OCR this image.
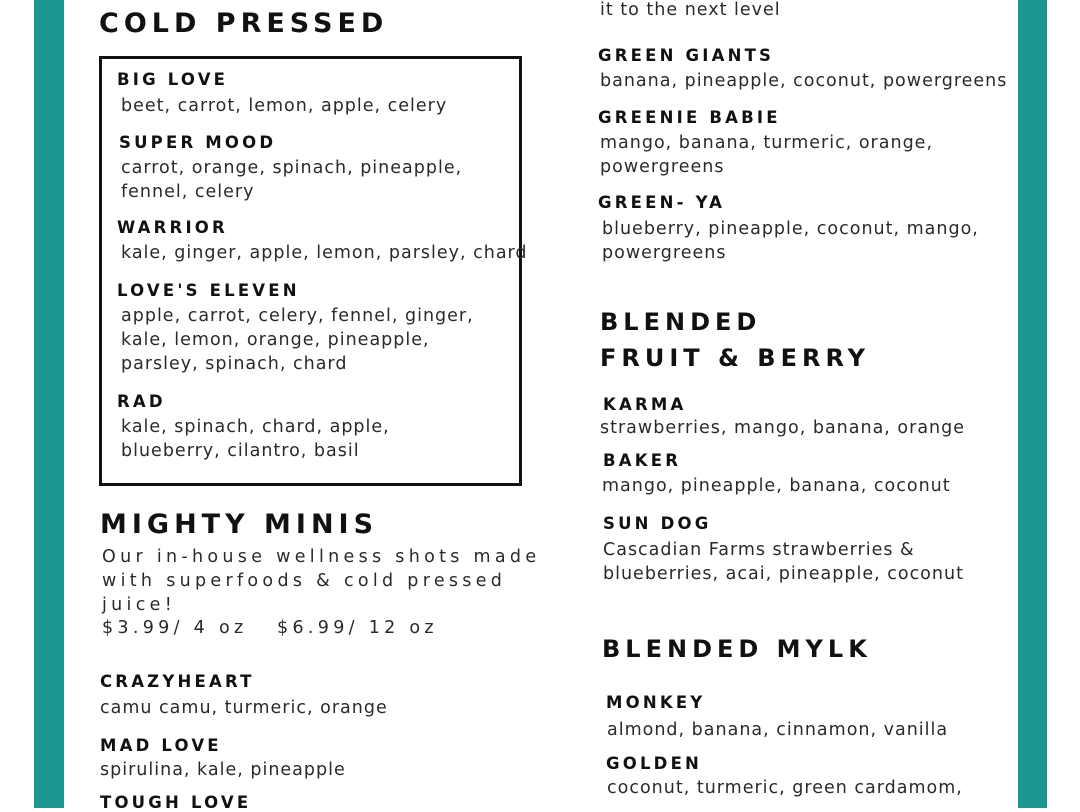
COLD PRESSED
BIG LOVE
beet, carrot, lemon, apple, celery
SUPER MOOD
carrot, orange, spinach, pineapple,
fennel, celery
WARRIOR
kale, ginger, apple, lemon, parsley, chard
LOVE'S ELEVEN
apple, carrot, celery, fennel, ginger,
kale, lemon, orange, pineapple,
parsley, spinach, chard
RAD
kale, spinach, chard, apple,
blueberry, cilantro, basil
MIGHTY MINIS
Our in-house wellness shots made
with superfoods & cold pressed
juice!
$3.99/ 4 oz   $6.99/ 12 oz
CRAZYHEART
camu camu, turmeric, orange
MAD LOVE
spirulina, kale, pineapple
TOUGH LOVE
it to the next level
GREEN GIANTS
banana, pineapple, coconut, powergreens
GREENIE BABIE
mango, banana, turmeric, orange,
powergreens
GREEN- YA
blueberry, pineapple, coconut, mango,
powergreens
BLENDED
FRUIT & BERRY
KARMA
strawberries, mango, banana, orange
BAKER
mango, pineapple, banana, coconut
SUN DOG
Cascadian Farms strawberries &
blueberries, acai, pineapple, coconut
BLENDED MYLK
MONKEY
almond, banana, cinnamon, vanilla
GOLDEN
coconut, turmeric, green cardamom,
